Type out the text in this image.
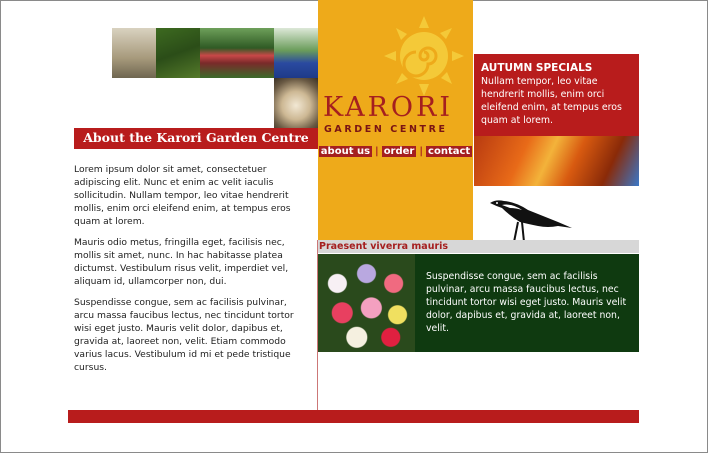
KARORI
GARDEN CENTRE
about us | order | contact
About the Karori Garden Centre

Lorem ipsum dolor sit amet, consectetuer adipiscing elit. Nunc et enim ac velit iaculis sollicitudin. Nullam tempor, leo vitae hendrerit mollis, enim orci eleifend enim, at tempus eros quam at lorem.

Mauris odio metus, fringilla eget, facilisis nec, mollis sit amet, nunc. In hac habitasse platea dictumst. Vestibulum risus velit, imperdiet vel, aliquam id, ullamcorper non, dui.

Suspendisse congue, sem ac facilisis pulvinar, arcu massa faucibus lectus, nec tincidunt tortor wisi eget justo. Mauris velit dolor, dapibus et, gravida at, laoreet non, velit. Etiam commodo varius lacus. Vestibulum id mi et pede tristique cursus.

AUTUMN SPECIALS
Nullam tempor, leo vitae hendrerit mollis, enim orci eleifend enim, at tempus eros quam at lorem.
Praesent viverra mauris
Suspendisse congue, sem ac facilisis pulvinar, arcu massa faucibus lectus, nec tincidunt tortor wisi eget justo. Mauris velit dolor, dapibus et, gravida at, laoreet non, velit.
